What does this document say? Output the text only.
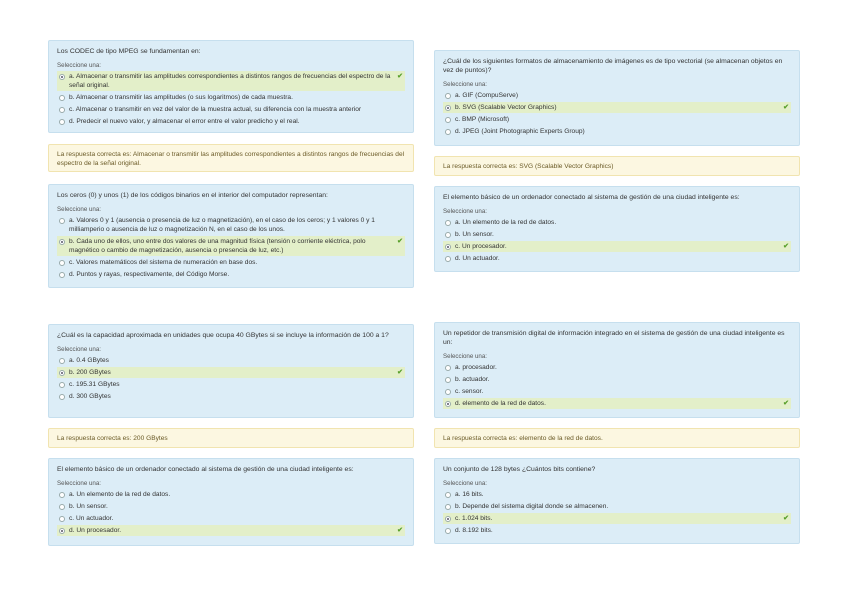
Los CODEC de tipo MPEG se fundamentan en:
Seleccione una:
a. Almacenar o transmitir las amplitudes correspondientes a distintos rangos de frecuencias del espectro de la señal original.
✔
b. Almacenar o transmitir las amplitudes (o sus logaritmos) de cada muestra.
c. Almacenar o transmitir en vez del valor de la muestra actual, su diferencia con la muestra anterior
d. Predecir el nuevo valor, y almacenar el error entre el valor predicho y el real.
La respuesta correcta es: Almacenar o transmitir las amplitudes correspondientes a distintos rangos de frecuencias del espectro de la señal original.
Los ceros (0) y unos (1) de los códigos binarios en el interior del computador representan:
Seleccione una:
a. Valores 0 y 1 (ausencia o presencia de luz o magnetización), en el caso de los ceros; y 1 valores 0 y 1 milliamperio o ausencia de luz o magnetización N, en el caso de los unos.
b. Cada uno de ellos, uno entre dos valores de una magnitud física (tensión o corriente eléctrica, polo magnético o cambio de magnetización, ausencia o presencia de luz, etc.)
✔
c. Valores matemáticos del sistema de numeración en base dos.
d. Puntos y rayas, respectivamente, del Código Morse.
¿Cuál de los siguientes formatos de almacenamiento de imágenes es de tipo vectorial (se almacenan objetos en vez de puntos)?
Seleccione una:
a. GIF (CompuServe)
b. SVG (Scalable Vector Graphics)	✔
c. BMP (Microsoft)
d. JPEG (Joint Photographic Experts Group)
La respuesta correcta es: SVG (Scalable Vector Graphics)
El elemento básico de un ordenador conectado al sistema de gestión de una ciudad inteligente es:
Seleccione una:
a. Un elemento de la red de datos.
b. Un sensor.
c. Un procesador.	✔
d. Un actuador.
¿Cuál es la capacidad aproximada en unidades que ocupa 40 GBytes si se incluye la información de 100 a 1?
Seleccione una:
a. 0.4 GBytes
b. 200 GBytes	✔
c. 195.31 GBytes
d. 300 GBytes
La respuesta correcta es: 200 GBytes
El elemento básico de un ordenador conectado al sistema de gestión de una ciudad inteligente es:
Seleccione una:
a. Un elemento de la red de datos.
b. Un sensor.
c. Un actuador.
d. Un procesador.	✔
Un repetidor de transmisión digital de información integrado en el sistema de gestión de una ciudad inteligente es un:
Seleccione una:
a. procesador.
b. actuador.
c. sensor.
d. elemento de la red de datos.	✔
La respuesta correcta es: elemento de la red de datos.
Un conjunto de 128 bytes ¿Cuántos bits contiene?
Seleccione una:
a. 16 bits.
b. Depende del sistema digital donde se almacenen.
c. 1.024 bits.	✔
d. 8.192 bits.
